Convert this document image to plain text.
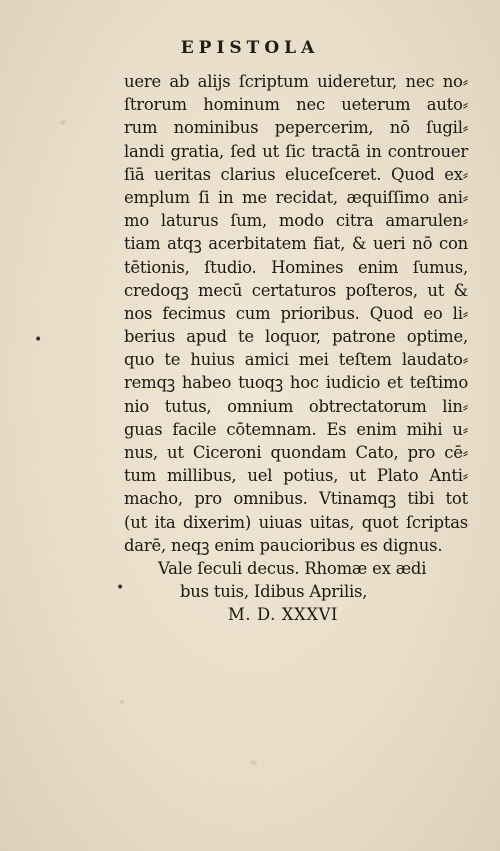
•
•
EPISTOLA
uere ab aliјs ſcriptum uideretur, nec no⸗
ſtrorum hominum nec ueterum auto⸗
rum nominibus pepercerim, nō ſugil⸗
landi gratia, ſed ut ſic tractā in controuer
ſiā ueritas clarius eluceſceret. Quod ex⸗
emplum ſi in me recidat, æquiſſimo ani⸗
mo laturus ſum, modo citra amarulen⸗
tiam atqꝫ acerbitatem fiat, & ueri nō con
tētionis, ſtudio. Homines enim ſumus,
credoqꝫ mecū certaturos poſteros, ut &
nos fecimus cum prioribus. Quod eo li⸗
berius apud te loquor, patrone optime,
quo te huius amici mei teſtem laudato⸗
remqꝫ habeo tuoqꝫ hoc iudicio et teſtimo
nio tutus, omnium obtrectatorum lin⸗
guas facile cōtemnam. Es enim mihi u⸗
nus, ut Ciceroni quondam Cato, pro cē⸗
tum millibus, uel potius, ut Plato Anti⸗
macho, pro omnibus. Vtinamqꝫ tibi tot
(ut ita dixerim) uiuas uitas, quot ſcriptas
darē, neqꝫ enim paucioribus es dignus.
Vale ſeculi decus. Rhomæ ex ædi
bus tuis, Idibus Aprilis,
M. D. XXXVI
